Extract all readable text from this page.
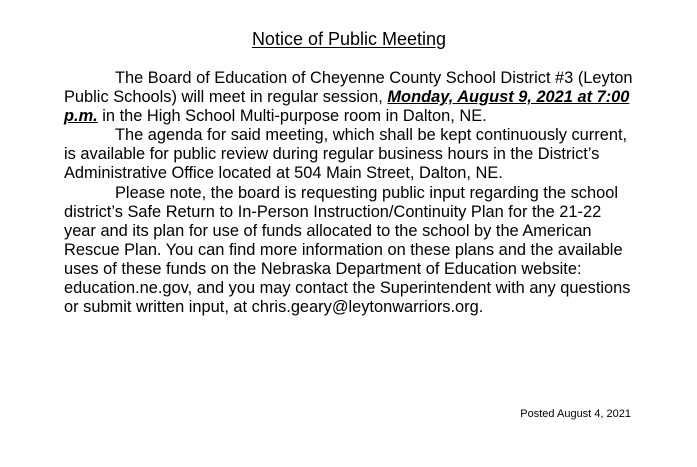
Notice of Public Meeting

The Board of Education of Cheyenne County School District #3 (Leyton Public Schools) will meet in regular session, Monday, August 9, 2021 at 7:00 p.m. in the High School Multi-purpose room in Dalton, NE.

The agenda for said meeting, which shall be kept continuously current, is available for public review during regular business hours in the District’s Administrative Office located at 504 Main Street, Dalton, NE.

Please note, the board is requesting public input regarding the school district’s Safe Return to In-Person Instruction/Continuity Plan for the 21-22 year and its plan for use of funds allocated to the school by the American Rescue Plan. You can find more information on these plans and the available uses of these funds on the Nebraska Department of Education website: education.ne.gov, and you may contact the Superintendent with any questions or submit written input, at chris.geary@leytonwarriors.org.

Posted August 4, 2021
